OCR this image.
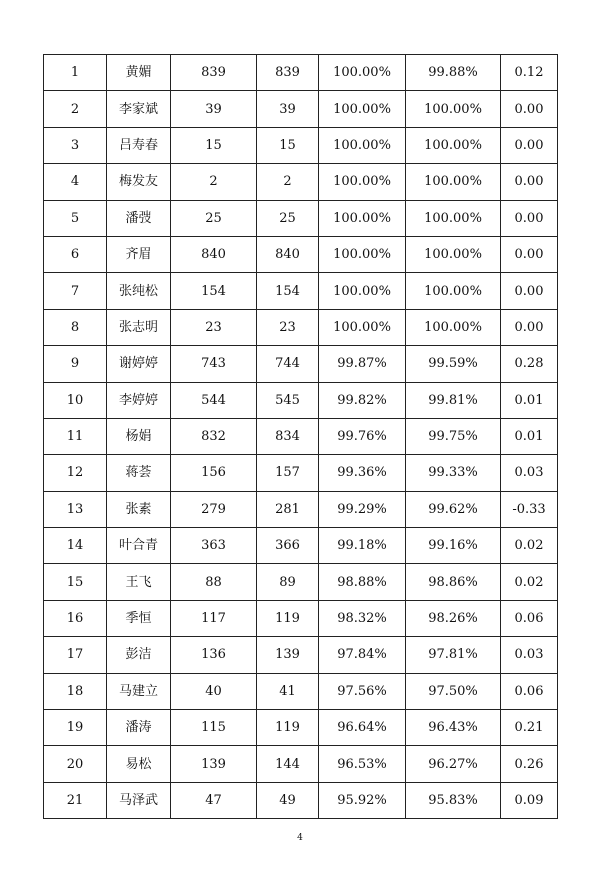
1	黄媚	839	839	100.00%	99.88%	0.12
2	李家斌	39	39	100.00%	100.00%	0.00
3	吕寿春	15	15	100.00%	100.00%	0.00
4	梅发友	2	2	100.00%	100.00%	0.00
5	潘弢	25	25	100.00%	100.00%	0.00
6	齐眉	840	840	100.00%	100.00%	0.00
7	张纯松	154	154	100.00%	100.00%	0.00
8	张志明	23	23	100.00%	100.00%	0.00
9	谢婷婷	743	744	99.87%	99.59%	0.28
10	李婷婷	544	545	99.82%	99.81%	0.01
11	杨娟	832	834	99.76%	99.75%	0.01
12	蒋荟	156	157	99.36%	99.33%	0.03
13	张素	279	281	99.29%	99.62%	-0.33
14	叶合青	363	366	99.18%	99.16%	0.02
15	王飞	88	89	98.88%	98.86%	0.02
16	季恒	117	119	98.32%	98.26%	0.06
17	彭洁	136	139	97.84%	97.81%	0.03
18	马建立	40	41	97.56%	97.50%	0.06
19	潘涛	115	119	96.64%	96.43%	0.21
20	易松	139	144	96.53%	96.27%	0.26
21	马泽武	47	49	95.92%	95.83%	0.09
4
